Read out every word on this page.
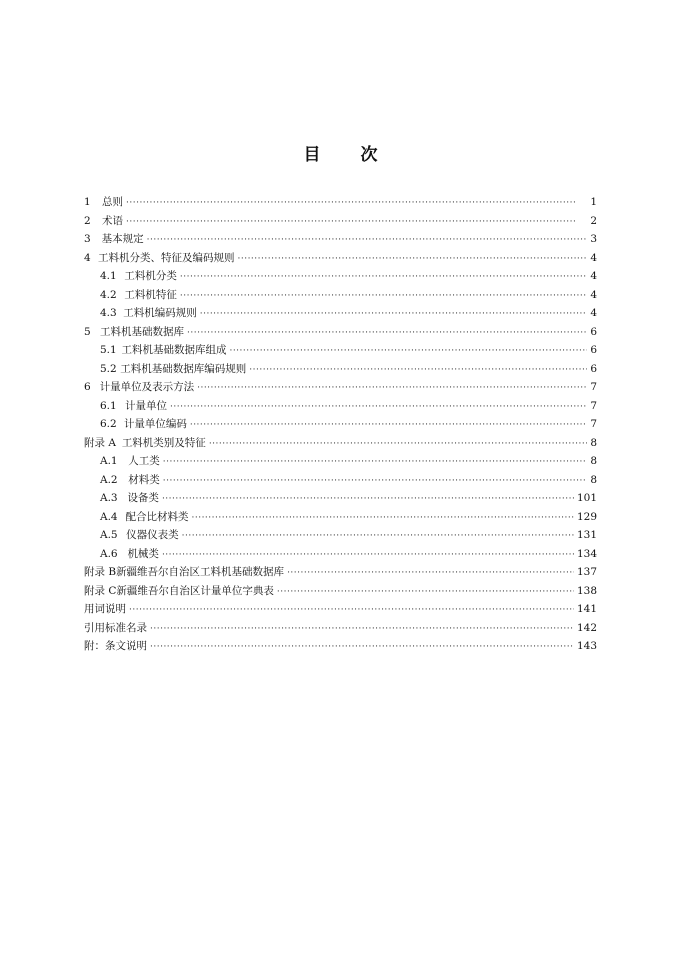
目 次
1	总则 ·····	1
2	术语 ·····	2
3	基本规定 ·····	3
4 工料机分类、特征及编码规则 ·····	4
4.1 工料机分类 ·····	4
4.2 工料机特征 ·····	4
4.3 工料机编码规则 ·····	4
5 工料机基础数据库 ·····	6
5.1 工料机基础数据库组成 ·····	6
5.2 工料机基础数据库编码规则 ·····	6
6 计量单位及表示方法 ·····	7
6.1 计量单位 ·····	7
6.2 计量单位编码 ·····	7
附录 A 工料机类别及特征 ·····	8
A.1	人工类 ·····	8
A.2	材料类 ·····	8
A.3 设备类 ·····	101
A.4 配合比材料类 ·····	129
A.5 仪器仪表类 ·····	131
A.6 机械类 ·····	134
附录 B 新疆维吾尔自治区工料机基础数据库 ·····	137
附录 C 新疆维吾尔自治区计量单位字典表 ·····	138
用词说明 ·····	141
引用标准名录 ·····	142
附：条文说明 ·····	143
